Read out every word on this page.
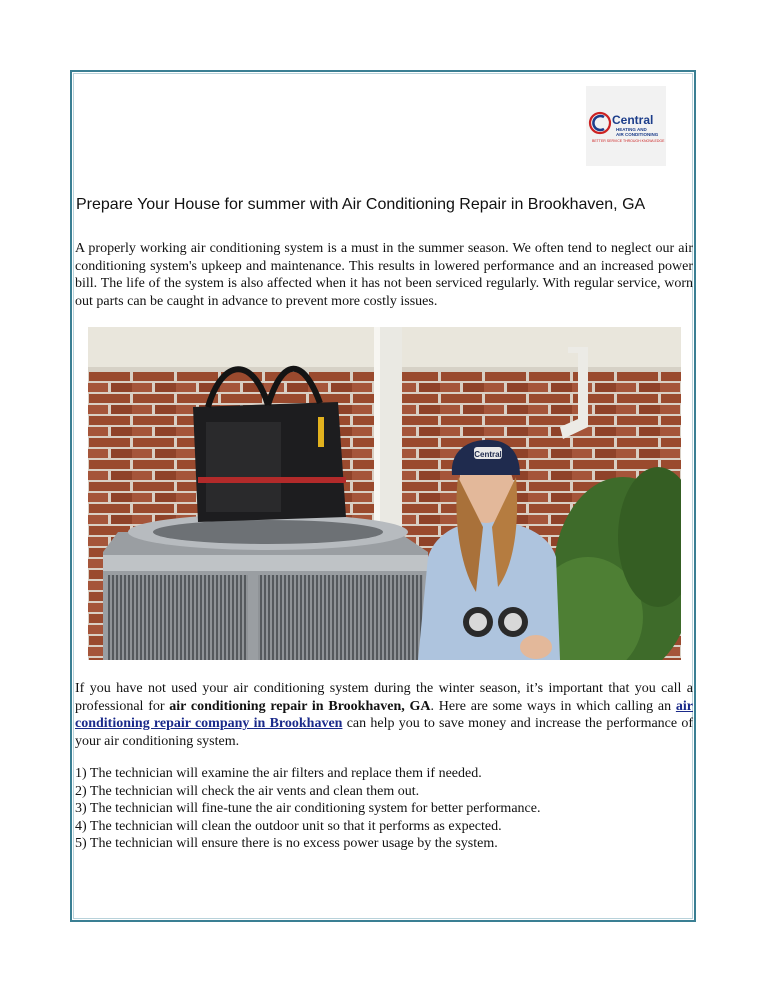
Central
HEATING AND
AIR CONDITIONING
BETTER SERVICE THROUGH KNOWLEDGE
Prepare Your House for summer with Air Conditioning Repair in Brookhaven, GA

A properly working air conditioning system is a must in the summer season. We often tend to neglect our air conditioning system's upkeep and maintenance. This results in lowered performance and an increased power bill. The life of the system is also affected when it has not been serviced regularly. With regular service, worn out parts can be caught in advance to prevent more costly issues.

Central

If you have not used your air conditioning system during the winter season, it’s important that you call a professional for air conditioning repair in Brookhaven, GA. Here are some ways in which calling an air conditioning repair company in Brookhaven can help you to save money and increase the performance of your air conditioning system.

1) The technician will examine the air filters and replace them if needed.
2) The technician will check the air vents and clean them out.
3) The technician will fine-tune the air conditioning system for better performance.
4) The technician will clean the outdoor unit so that it performs as expected.
5) The technician will ensure there is no excess power usage by the system.
